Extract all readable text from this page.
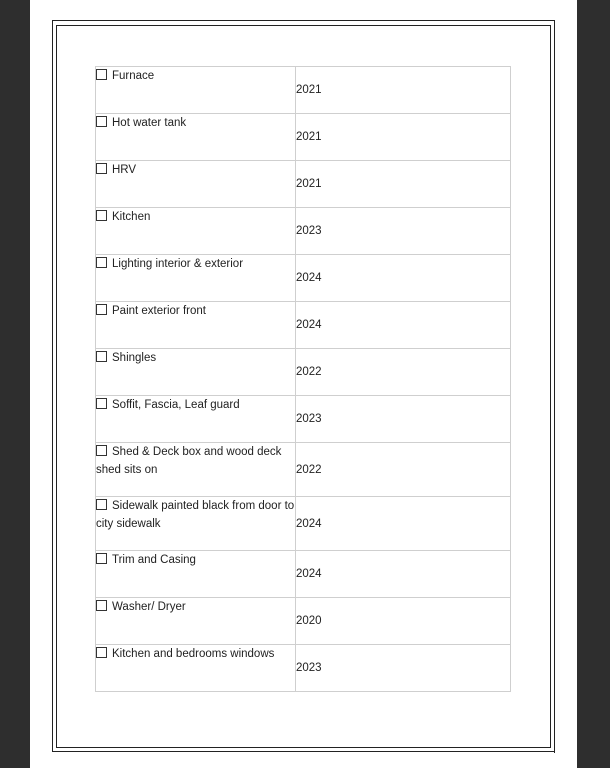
Furnace	2021
Hot water tank	2021
HRV	2021
Kitchen	2023
Lighting interior & exterior	2024
Paint exterior front	2024
Shingles	2022
Soffit, Fascia, Leaf guard	2023
Shed & Deck box and wood deck shed sits on	2022
Sidewalk painted black from door to city sidewalk	2024
Trim and Casing	2024
Washer/ Dryer	2020
Kitchen and bedrooms windows	2023
